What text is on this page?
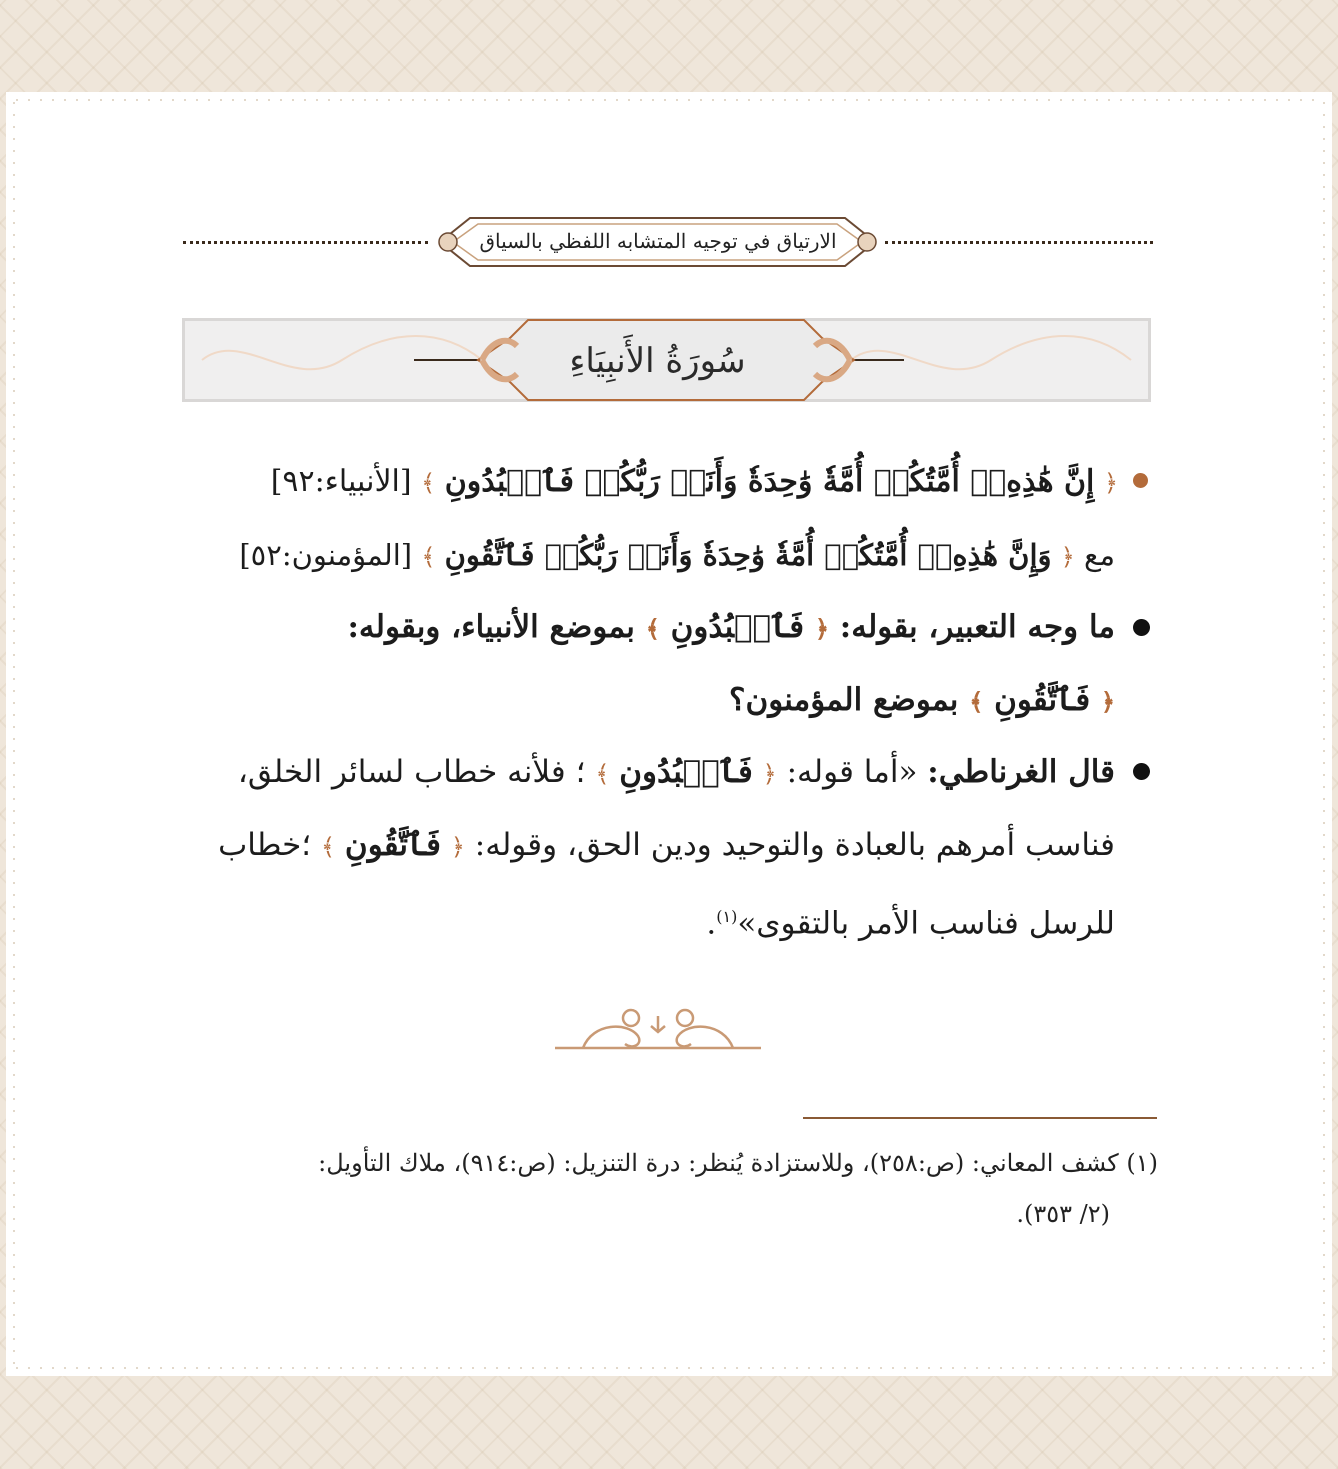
الارتياق في توجيه المتشابه اللفظي بالسياق
سُورَةُ الأَنبِيَاءِ
﴿ إِنَّ هَٰذِهِۦٓ أُمَّتُكُمۡ أُمَّةٗ وَٰحِدَةٗ وَأَنَا۠ رَبُّكُمۡ فَٱعۡبُدُونِ ﴾ [الأنبياء:٩٢]
مع ﴿ وَإِنَّ هَٰذِهِۦٓ أُمَّتُكُمۡ أُمَّةٗ وَٰحِدَةٗ وَأَنَا۠ رَبُّكُمۡ فَٱتَّقُونِ ﴾ [المؤمنون:٥٢]
ما وجه التعبير، بقوله: ﴿ فَٱعۡبُدُونِ ﴾ بموضع الأنبياء، وبقوله:
﴿ فَٱتَّقُونِ ﴾ بموضع المؤمنون؟
قال الغرناطي: «أما قوله: ﴿ فَٱعۡبُدُونِ ﴾ ؛ فلأنه خطاب لسائر الخلق،
فناسب أمرهم بالعبادة والتوحيد ودين الحق، وقوله: ﴿ فَٱتَّقُونِ ﴾ ؛خطاب
للرسل فناسب الأمر بالتقوى»$^{(١)}$.
(١) كشف المعاني: (ص:٢٥٨)، وللاستزادة يُنظر: درة التنزيل: (ص:٩١٤)، ملاك التأويل:
(٢/ ٣٥٣).
